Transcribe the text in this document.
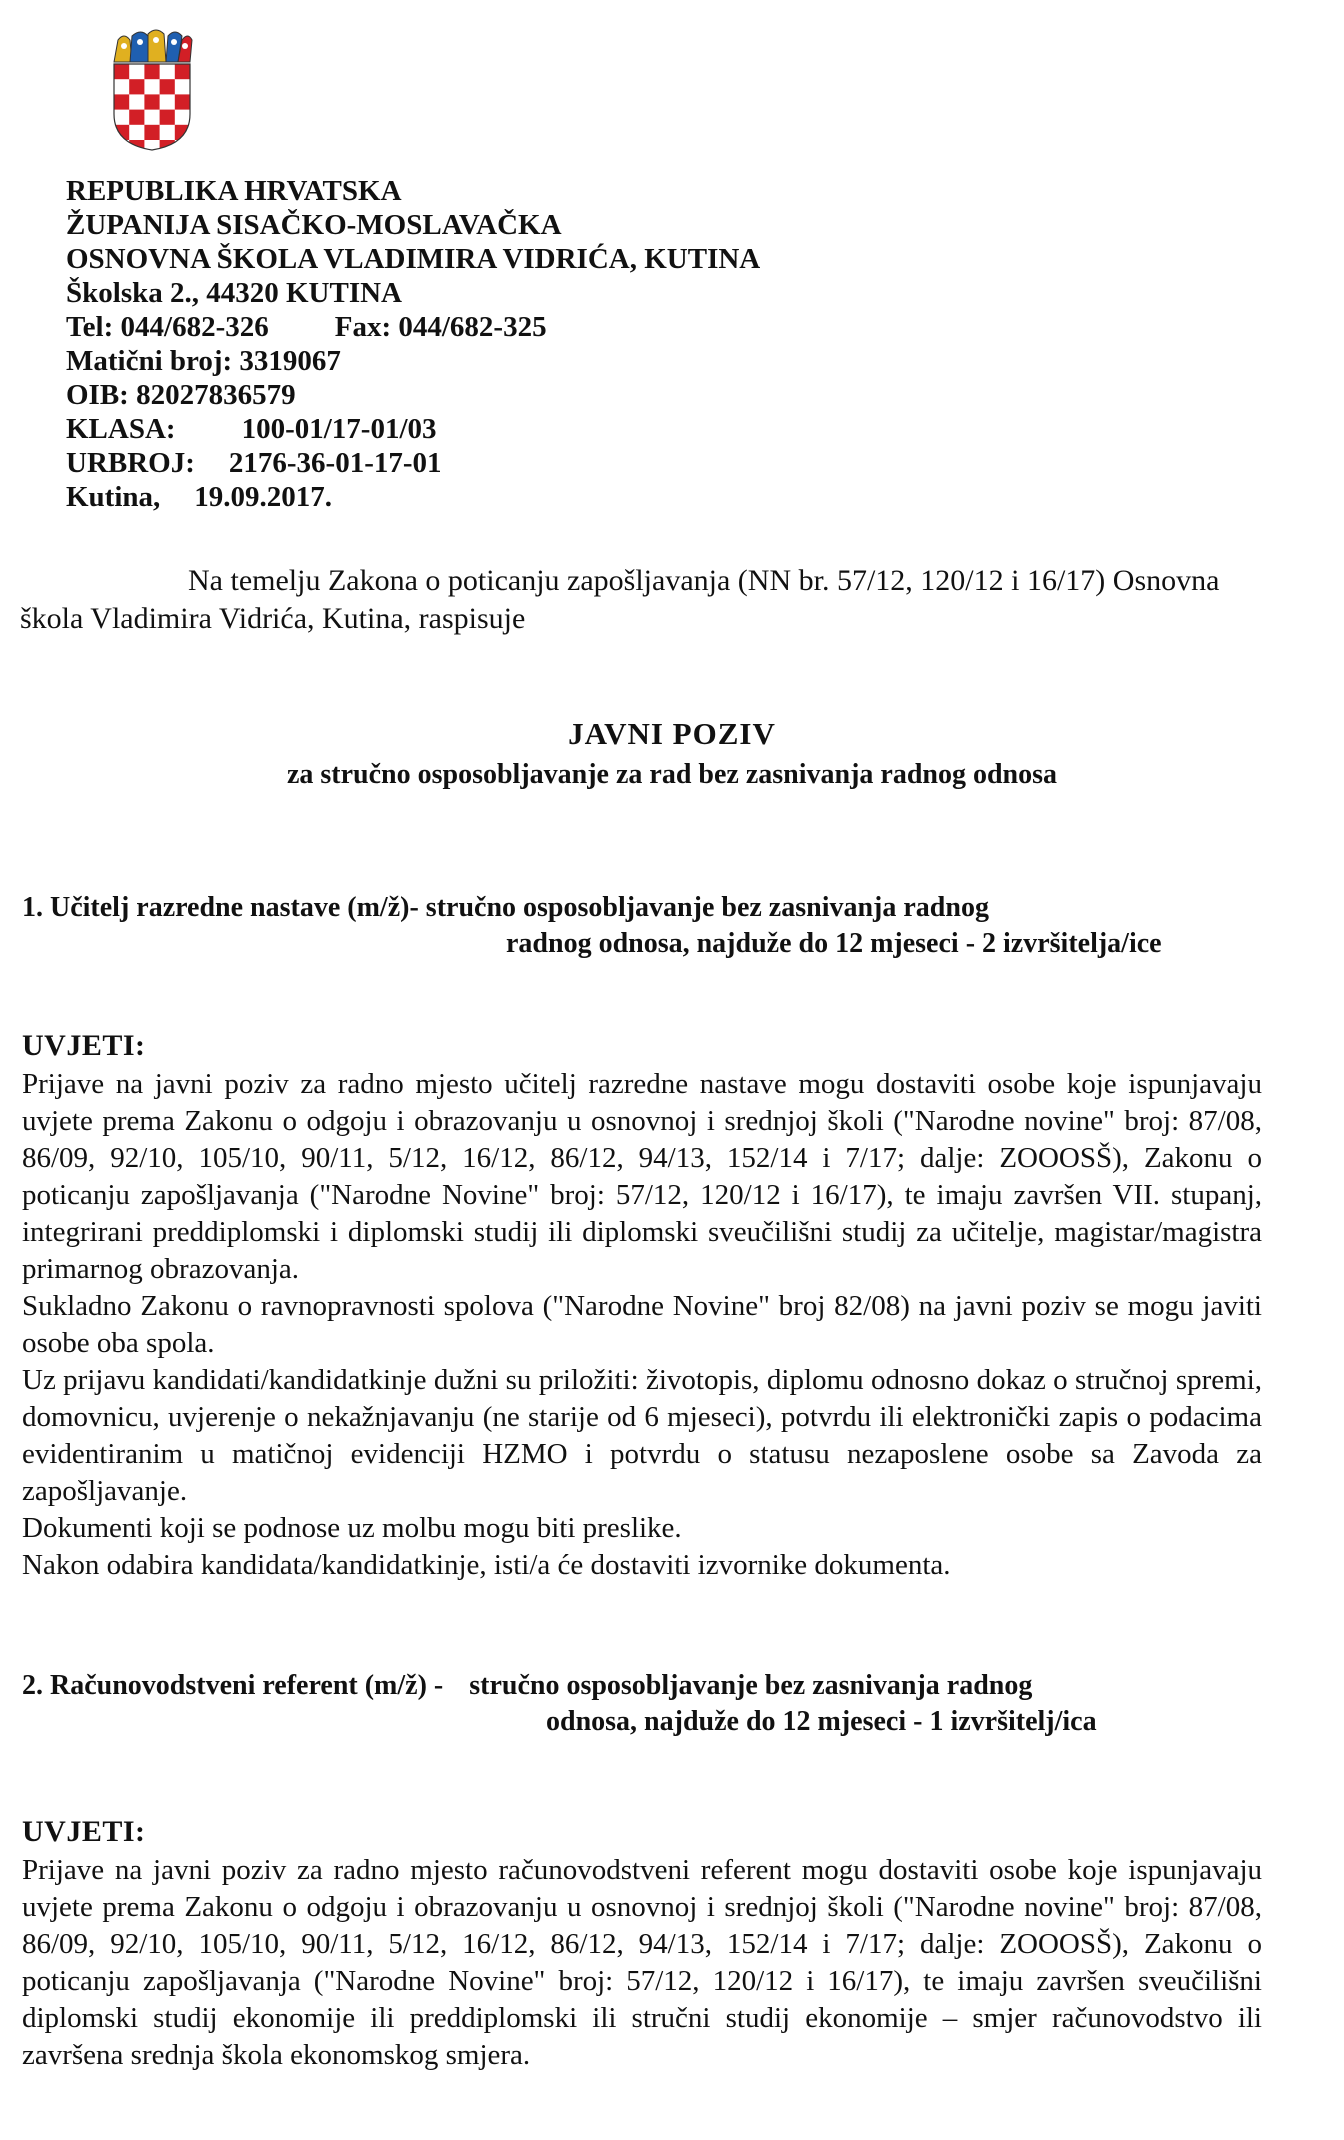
REPUBLIKA HRVATSKA
ŽUPANIJA SISAČKO-MOSLAVAČKA
OSNOVNA ŠKOLA VLADIMIRA VIDRIĆA, KUTINA
Školska 2., 44320 KUTINA
Tel: 044/682-326 Fax: 044/682-325
Matični broj: 3319067
OIB: 82027836579
KLASA: 100-01/17-01/03
URBROJ: 2176-36-01-17-01
Kutina, 19.09.2017.
Na temelju Zakona o poticanju zapošljavanja (NN br. 57/12, 120/12 i 16/17) Osnovna
škola Vladimira Vidrića, Kutina, raspisuje
JAVNI POZIV
za stručno osposobljavanje za rad bez zasnivanja radnog odnosa
1. Učitelj razredne nastave (m/ž)- stručno osposobljavanje bez zasnivanja radnog
radnog odnosa, najduže do 12 mjeseci - 2 izvršitelja/ice
UVJETI:

Prijave na javni poziv za radno mjesto učitelj razredne nastave mogu dostaviti osobe koje ispunjavaju uvjete prema Zakonu o odgoju i obrazovanju u osnovnoj i srednjoj školi ("Narodne novine" broj: 87/08, 86/09, 92/10, 105/10, 90/11, 5/12, 16/12, 86/12, 94/13, 152/14 i 7/17; dalje: ZOOOSŠ), Zakonu o poticanju zapošljavanja ("Narodne Novine" broj: 57/12, 120/12 i 16/17), te imaju završen VII. stupanj, integrirani preddiplomski i diplomski studij ili diplomski sveučilišni studij za učitelje, magistar/magistra primarnog obrazovanja.

Sukladno Zakonu o ravnopravnosti spolova ("Narodne Novine" broj 82/08) na javni poziv se mogu javiti osobe oba spola.

Uz prijavu kandidati/kandidatkinje dužni su priložiti: životopis, diplomu odnosno dokaz o stručnoj spremi, domovnicu, uvjerenje o nekažnjavanju (ne starije od 6 mjeseci), potvrdu ili elektronički zapis o podacima evidentiranim u matičnoj evidenciji HZMO i potvrdu o statusu nezaposlene osobe sa Zavoda za zapošljavanje.

Dokumenti koji se podnose uz molbu mogu biti preslike.

Nakon odabira kandidata/kandidatkinje, isti/a će dostaviti izvornike dokumenta.

2. Računovodstveni referent (m/ž) - stručno osposobljavanje bez zasnivanja radnog
odnosa, najduže do 12 mjeseci - 1 izvršitelj/ica
UVJETI:

Prijave na javni poziv za radno mjesto računovodstveni referent mogu dostaviti osobe koje ispunjavaju uvjete prema Zakonu o odgoju i obrazovanju u osnovnoj i srednjoj školi ("Narodne novine" broj: 87/08, 86/09, 92/10, 105/10, 90/11, 5/12, 16/12, 86/12, 94/13, 152/14 i 7/17; dalje: ZOOOSŠ), Zakonu o poticanju zapošljavanja ("Narodne Novine" broj: 57/12, 120/12 i 16/17), te imaju završen sveučilišni diplomski studij ekonomije ili preddiplomski ili stručni studij ekonomije – smjer računovodstvo ili završena srednja škola ekonomskog smjera.
